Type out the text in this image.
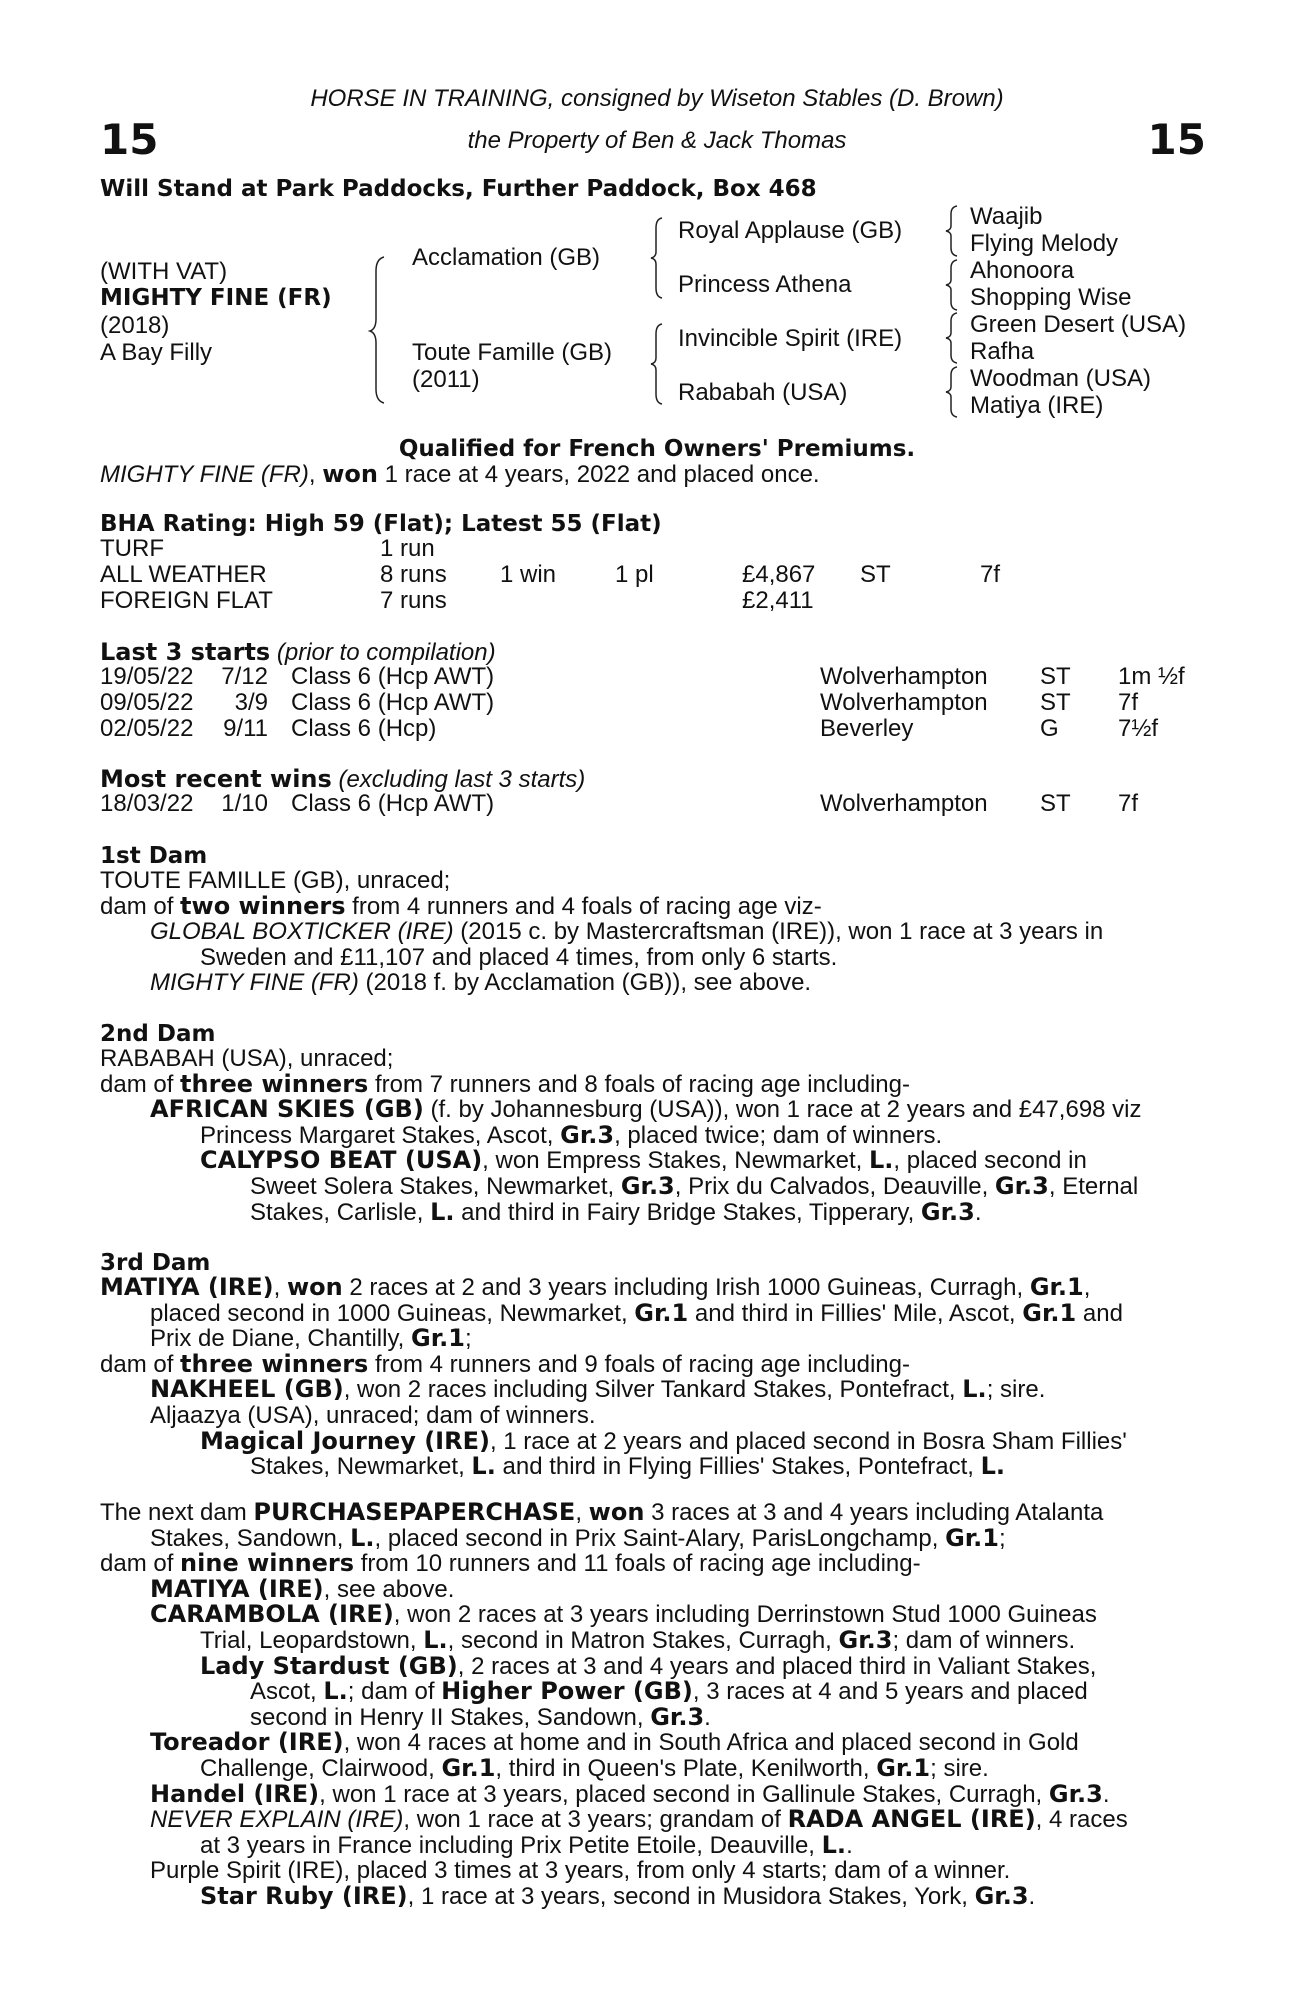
15	15
HORSE IN TRAINING, consigned by Wiseton Stables (D. Brown)
the Property of Ben & Jack Thomas
Will Stand at Park Paddocks, Further Paddock, Box 468
(WITH VAT)
MIGHTY FINE (FR)
(2018)
A Bay Filly
Acclamation (GB)
Toute Famille (GB)
(2011)
Royal Applause (GB)
Princess Athena
Invincible Spirit (IRE)
Rababah (USA)
Waajib
Flying Melody
Ahonoora
Shopping Wise
Green Desert (USA)
Rafha
Woodman (USA)
Matiya (IRE)
Qualified for French Owners' Premiums.
MIGHTY FINE (FR), won 1 race at 4 years, 2022 and placed once.
BHA Rating: High 59 (Flat); Latest 55 (Flat)
TURF	1 run
ALL WEATHER	8 runs 1 win 1 pl	£4,867 ST	7f
FOREIGN FLAT	7 runs	£2,411
Last 3 starts (prior to compilation)
19/05/22 7/12 Class 6 (Hcp AWT)	Wolverhampton ST 1m ½f
09/05/22	3/9 Class 6 (Hcp AWT)	Wolverhampton ST 7f
02/05/22 9/11 Class 6 (Hcp)	Beverley	G 7½f
Most recent wins (excluding last 3 starts)
18/03/22 1/10 Class 6 (Hcp AWT)	Wolverhampton ST 7f
1st Dam
TOUTE FAMILLE (GB), unraced;
dam of two winners from 4 runners and 4 foals of racing age viz-
GLOBAL BOXTICKER (IRE) (2015 c. by Mastercraftsman (IRE)), won 1 race at 3 years in
Sweden and £11,107 and placed 4 times, from only 6 starts.
MIGHTY FINE (FR) (2018 f. by Acclamation (GB)), see above.
2nd Dam
RABABAH (USA), unraced;
dam of three winners from 7 runners and 8 foals of racing age including-
AFRICAN SKIES (GB) (f. by Johannesburg (USA)), won 1 race at 2 years and £47,698 viz
Princess Margaret Stakes, Ascot, Gr.3, placed twice; dam of winners.
CALYPSO BEAT (USA), won Empress Stakes, Newmarket, L., placed second in
Sweet Solera Stakes, Newmarket, Gr.3, Prix du Calvados, Deauville, Gr.3, Eternal
Stakes, Carlisle, L. and third in Fairy Bridge Stakes, Tipperary, Gr.3.
3rd Dam
MATIYA (IRE), won 2 races at 2 and 3 years including Irish 1000 Guineas, Curragh, Gr.1,
placed second in 1000 Guineas, Newmarket, Gr.1 and third in Fillies' Mile, Ascot, Gr.1 and
Prix de Diane, Chantilly, Gr.1;
dam of three winners from 4 runners and 9 foals of racing age including-
NAKHEEL (GB), won 2 races including Silver Tankard Stakes, Pontefract, L.; sire.
Aljaazya (USA), unraced; dam of winners.
Magical Journey (IRE), 1 race at 2 years and placed second in Bosra Sham Fillies'
Stakes, Newmarket, L. and third in Flying Fillies' Stakes, Pontefract, L.
The next dam PURCHASEPAPERCHASE, won 3 races at 3 and 4 years including Atalanta
Stakes, Sandown, L., placed second in Prix Saint-Alary, ParisLongchamp, Gr.1;
dam of nine winners from 10 runners and 11 foals of racing age including-
MATIYA (IRE), see above.
CARAMBOLA (IRE), won 2 races at 3 years including Derrinstown Stud 1000 Guineas
Trial, Leopardstown, L., second in Matron Stakes, Curragh, Gr.3; dam of winners.
Lady Stardust (GB), 2 races at 3 and 4 years and placed third in Valiant Stakes,
Ascot, L.; dam of Higher Power (GB), 3 races at 4 and 5 years and placed
second in Henry II Stakes, Sandown, Gr.3.
Toreador (IRE), won 4 races at home and in South Africa and placed second in Gold
Challenge, Clairwood, Gr.1, third in Queen's Plate, Kenilworth, Gr.1; sire.
Handel (IRE), won 1 race at 3 years, placed second in Gallinule Stakes, Curragh, Gr.3.
NEVER EXPLAIN (IRE), won 1 race at 3 years; grandam of RADA ANGEL (IRE), 4 races
at 3 years in France including Prix Petite Etoile, Deauville, L..
Purple Spirit (IRE), placed 3 times at 3 years, from only 4 starts; dam of a winner.
Star Ruby (IRE), 1 race at 3 years, second in Musidora Stakes, York, Gr.3.
